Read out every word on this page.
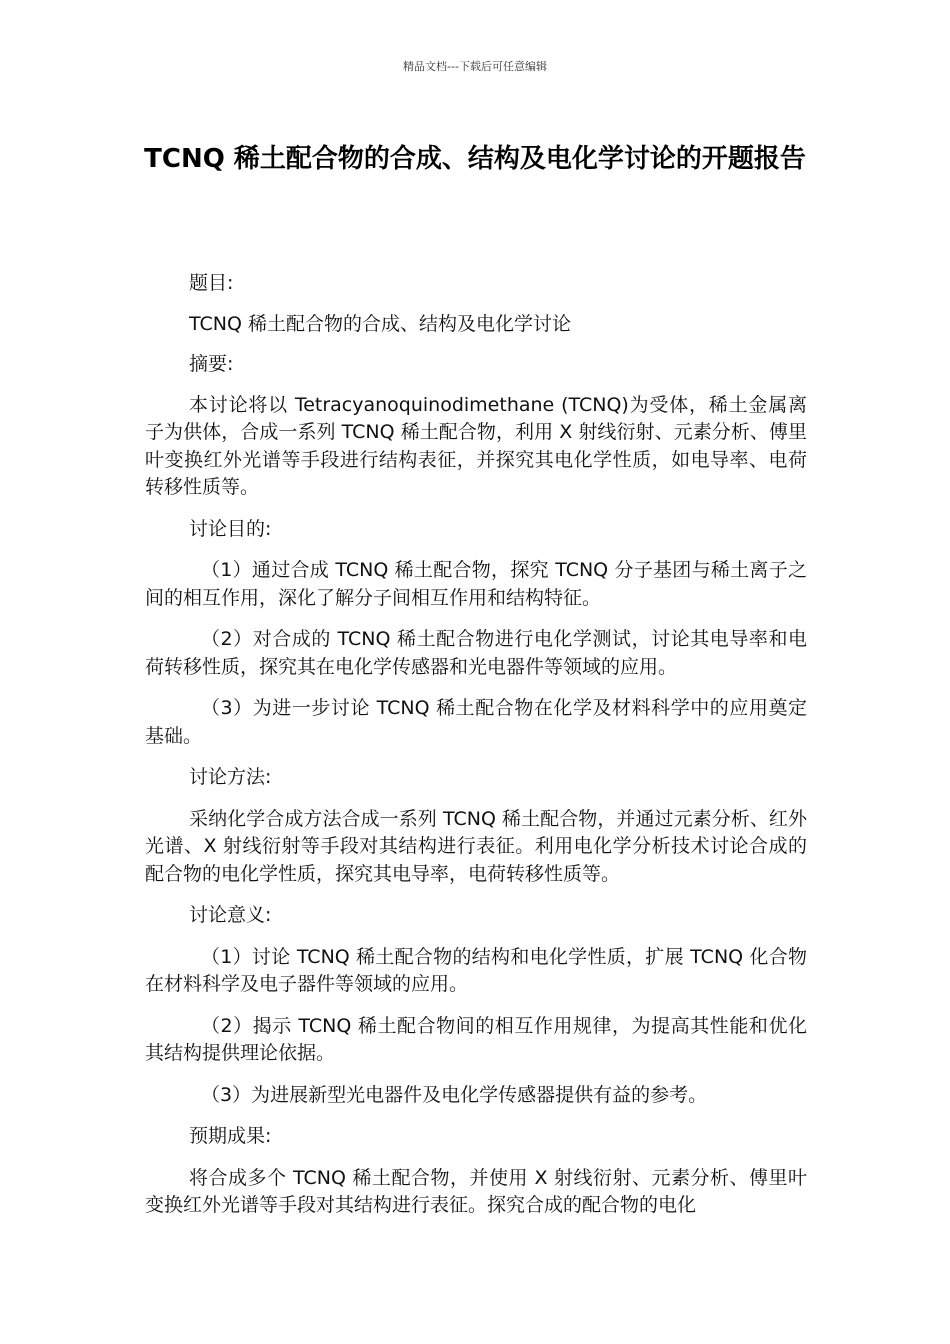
精品文档---下载后可任意编辑
TCNQ 稀土配合物的合成、结构及电化学讨论的开题报告

题目:

TCNQ 稀土配合物的合成、结构及电化学讨论

摘要:

本讨论将以 Tetracyanoquinodimethane (TCNQ)为受体，稀土金属离子为供体，合成一系列 TCNQ 稀土配合物，利用 X 射线衍射、元素分析、傅里叶变换红外光谱等手段进行结构表征，并探究其电化学性质，如电导率、电荷转移性质等。

讨论目的:

（1）通过合成 TCNQ 稀土配合物，探究 TCNQ 分子基团与稀土离子之间的相互作用，深化了解分子间相互作用和结构特征。

（2）对合成的 TCNQ 稀土配合物进行电化学测试，讨论其电导率和电荷转移性质，探究其在电化学传感器和光电器件等领域的应用。

（3）为进一步讨论 TCNQ 稀土配合物在化学及材料科学中的应用奠定基础。

讨论方法:

采纳化学合成方法合成一系列 TCNQ 稀土配合物，并通过元素分析、红外光谱、X 射线衍射等手段对其结构进行表征。利用电化学分析技术讨论合成的配合物的电化学性质，探究其电导率，电荷转移性质等。

讨论意义:

（1）讨论 TCNQ 稀土配合物的结构和电化学性质，扩展 TCNQ 化合物在材料科学及电子器件等领域的应用。

（2）揭示 TCNQ 稀土配合物间的相互作用规律，为提高其性能和优化其结构提供理论依据。

（3）为进展新型光电器件及电化学传感器提供有益的参考。

预期成果:

将合成多个 TCNQ 稀土配合物，并使用 X 射线衍射、元素分析、傅里叶变换红外光谱等手段对其结构进行表征。探究合成的配合物的电化
